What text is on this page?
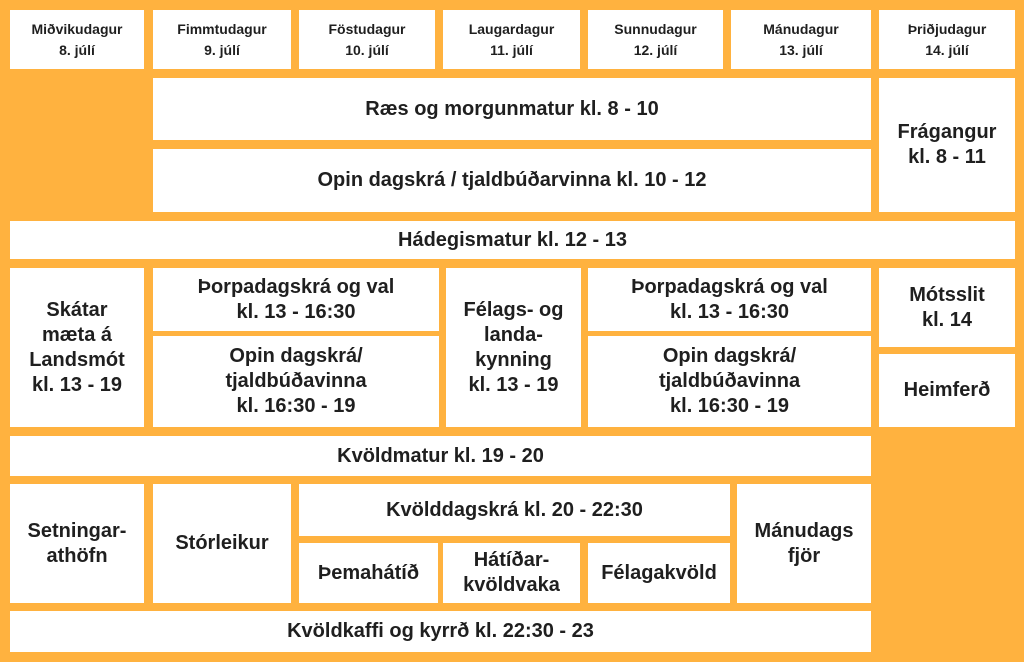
Miðvikudagur
8. júlí
Fimmtudagur
9. júlí
Föstudagur
10. júlí
Laugardagur
11. júlí
Sunnudagur
12. júlí
Mánudagur
13. júlí
Þriðjudagur
14. júlí
Ræs og morgunmatur kl. 8 - 10
Opin dagskrá / tjaldbúðarvinna kl. 10 - 12
Frágangur
kl. 8 - 11
Hádegismatur kl. 12 - 13
Skátar
mæta á
Landsmót
kl. 13 - 19
Þorpadagskrá og val
kl. 13 - 16:30
Opin dagskrá/
tjaldbúðavinna
kl. 16:30 - 19
Félags- og
landa-
kynning
kl. 13 - 19
Þorpadagskrá og val
kl. 13 - 16:30
Opin dagskrá/
tjaldbúðavinna
kl. 16:30 - 19
Mótsslit
kl. 14
Heimferð
Kvöldmatur kl. 19 - 20
Setningar-
athöfn
Stórleikur
Kvölddagskrá kl. 20 - 22:30
Þemahátíð
Hátíðar-
kvöldvaka
Félagakvöld
Mánudags
fjör
Kvöldkaffi og kyrrð kl. 22:30 - 23
